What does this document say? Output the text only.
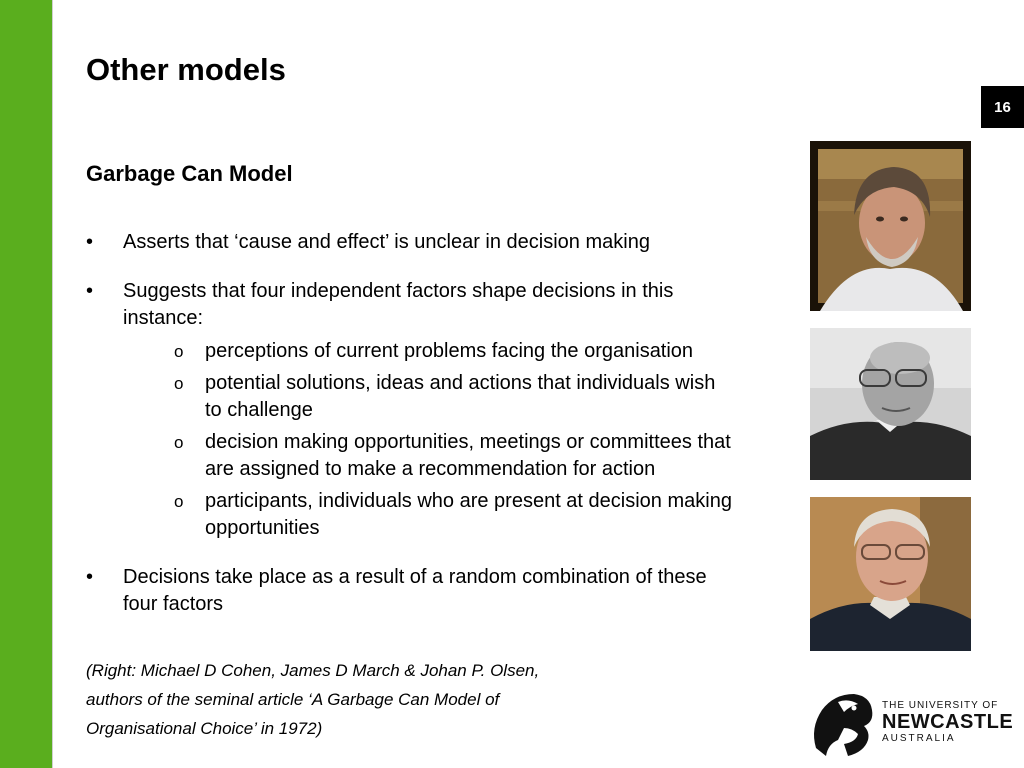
Other models
16
Garbage Can Model
• Asserts that ‘cause and effect’ is unclear in decision making
• Suggests that four independent factors shape decisions in this instance:
o perceptions of current problems facing the organisation
o potential solutions, ideas and actions that individuals wish to challenge
o decision making opportunities, meetings or committees that are assigned to make a recommendation for action
o participants, individuals who are present at decision making opportunities
• Decisions take place as a result of a random combination of these four factors
(Right: Michael D Cohen, James D March & Johan P. Olsen,
authors of the seminal article ‘A Garbage Can Model of
Organisational Choice’ in 1972)
THE UNIVERSITY OF
NEWCASTLE
AUSTRALIA
